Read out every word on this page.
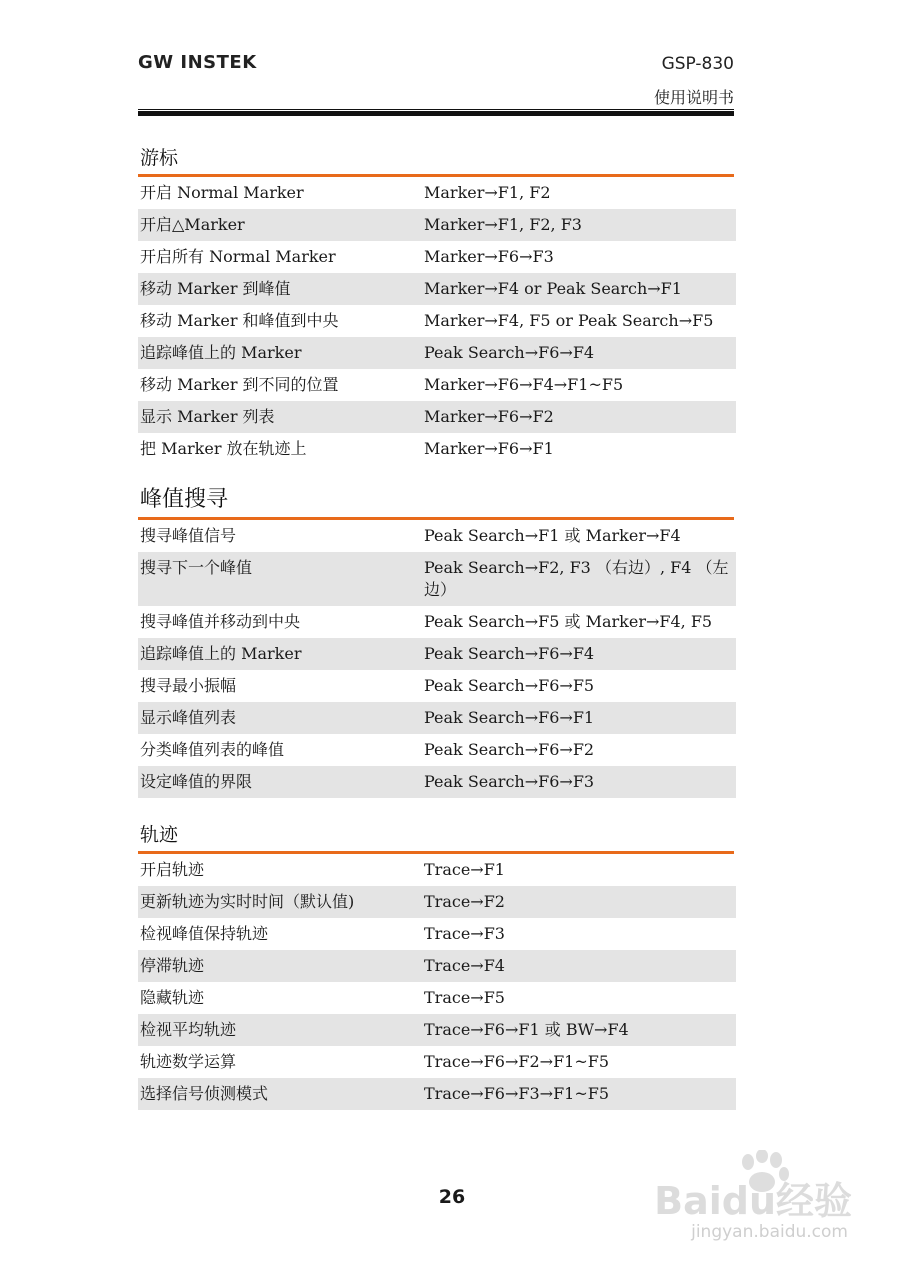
GW INSTEK	GSP-830
使用说明书
游标
开启 Normal Marker	Marker→F1, F2
开启△Marker	Marker→F1, F2, F3
开启所有 Normal Marker	Marker→F6→F3
移动 Marker 到峰值	Marker→F4 or Peak Search→F1
移动 Marker 和峰值到中央	Marker→F4, F5 or Peak Search→F5
追踪峰值上的 Marker	Peak Search→F6→F4
移动 Marker 到不同的位置	Marker→F6→F4→F1~F5
显示 Marker 列表	Marker→F6→F2
把 Marker 放在轨迹上	Marker→F6→F1
峰值搜寻
搜寻峰值信号	Peak Search→F1 或 Marker→F4
搜寻下一个峰值	Peak Search→F2, F3 （右边）, F4 （左边）
搜寻峰值并移动到中央	Peak Search→F5 或 Marker→F4, F5
追踪峰值上的 Marker	Peak Search→F6→F4
搜寻最小振幅	Peak Search→F6→F5
显示峰值列表	Peak Search→F6→F1
分类峰值列表的峰值	Peak Search→F6→F2
设定峰值的界限	Peak Search→F6→F3
轨迹
开启轨迹	Trace→F1
更新轨迹为实时时间（默认值)	Trace→F2
检视峰值保持轨迹	Trace→F3
停滞轨迹	Trace→F4
隐藏轨迹	Trace→F5
检视平均轨迹	Trace→F6→F1 或 BW→F4
轨迹数学运算	Trace→F6→F2→F1~F5
选择信号侦测模式	Trace→F6→F3→F1~F5
26	Baidu经验
jingyan.baidu.com
